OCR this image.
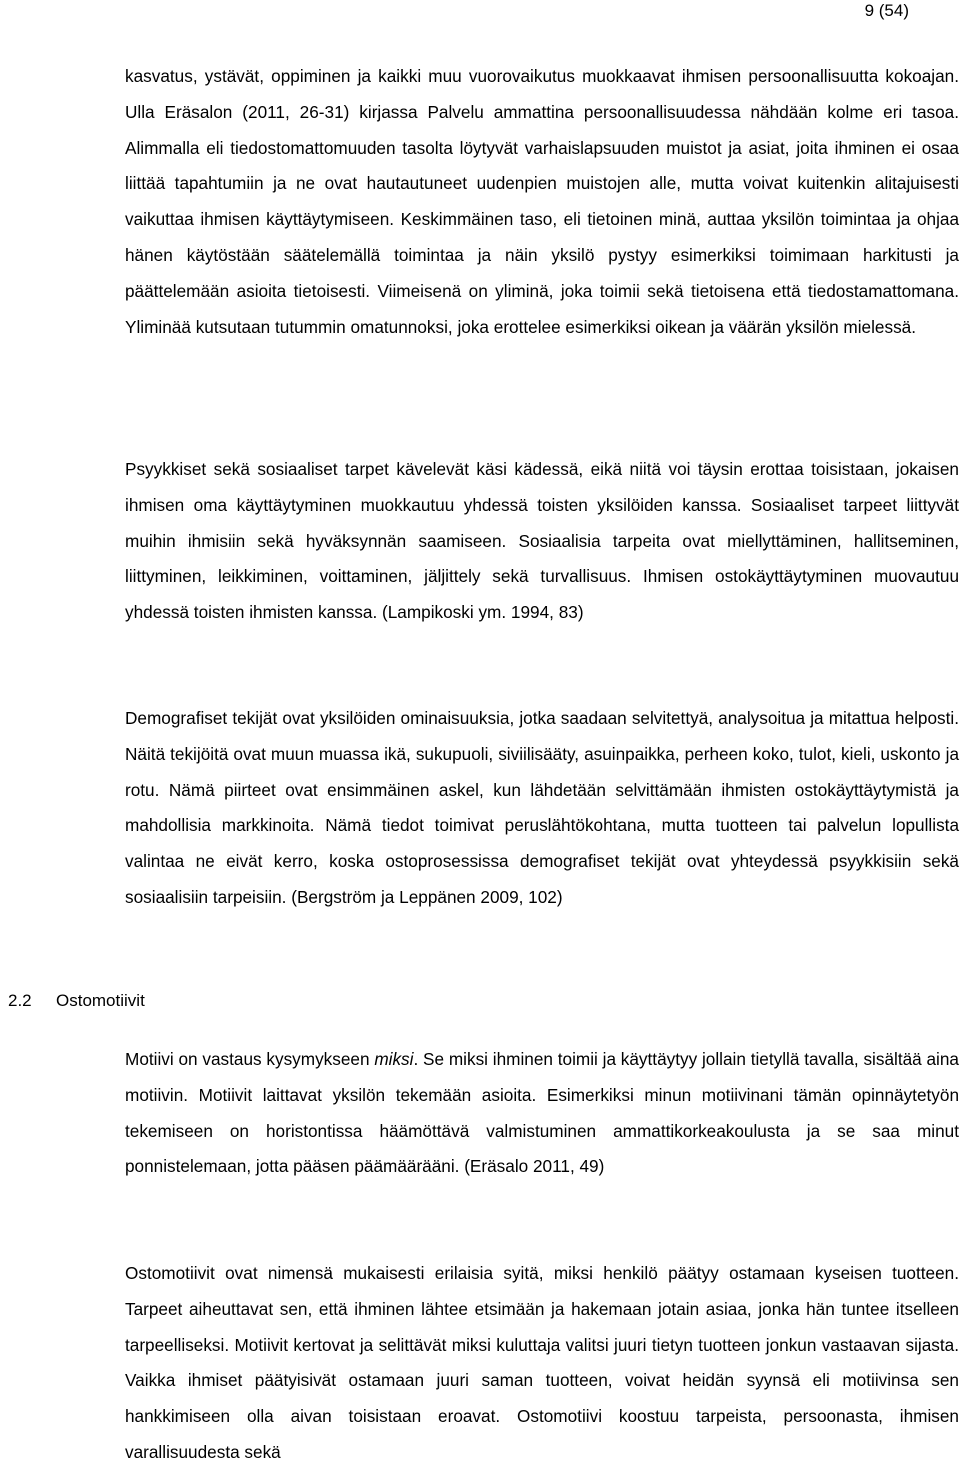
9 (54)

kasvatus, ystävät, oppiminen ja kaikki muu vuorovaikutus muokkaavat ihmisen persoonallisuutta kokoajan. Ulla Eräsalon (2011, 26-31) kirjassa Palvelu ammattina persoonallisuudessa nähdään kolme eri tasoa. Alimmalla eli tiedostomattomuuden tasolta löytyvät varhaislapsuuden muistot ja asiat, joita ihminen ei osaa liittää tapahtumiin ja ne ovat hautautuneet uudenpien muistojen alle, mutta voivat kuitenkin alitajuisesti vaikuttaa ihmisen käyttäytymiseen. Keskimmäinen taso, eli tietoinen minä, auttaa yksilön toimintaa ja ohjaa hänen käytöstään säätelemällä toimintaa ja näin yksilö pystyy esimerkiksi toimimaan harkitusti ja päättelemään asioita tietoisesti. Viimeisenä on yliminä, joka toimii sekä tietoisena että tiedostamattomana. Yliminää kutsutaan tutummin omatunnoksi, joka erottelee esimerkiksi oikean ja väärän yksilön mielessä.

Psyykkiset sekä sosiaaliset tarpet kävelevät käsi kädessä, eikä niitä voi täysin erottaa toisistaan, jokaisen ihmisen oma käyttäytyminen muokkautuu yhdessä toisten yksilöiden kanssa. Sosiaaliset tarpeet liittyvät muihin ihmisiin sekä hyväksynnän saamiseen. Sosiaalisia tarpeita ovat miellyttäminen, hallitseminen, liittyminen, leikkiminen, voittaminen, jäljittely sekä turvallisuus. Ihmisen ostokäyttäytyminen muovautuu yhdessä toisten ihmisten kanssa. (Lampikoski ym. 1994, 83)

Demografiset tekijät ovat yksilöiden ominaisuuksia, jotka saadaan selvitettyä, analysoitua ja mitattua helposti. Näitä tekijöitä ovat muun muassa ikä, sukupuoli, siviilisääty, asuinpaikka, perheen koko, tulot, kieli, uskonto ja rotu. Nämä piirteet ovat ensimmäinen askel, kun lähdetään selvittämään ihmisten ostokäyttäytymistä ja mahdollisia markkinoita. Nämä tiedot toimivat peruslähtökohtana, mutta tuotteen tai palvelun lopullista valintaa ne eivät kerro, koska ostoprosessissa demografiset tekijät ovat yhteydessä psyykkisiin sekä sosiaalisiin tarpeisiin. (Bergström ja Leppänen 2009, 102)

2.2 Ostomotiivit

Motiivi on vastaus kysymykseen miksi. Se miksi ihminen toimii ja käyttäytyy jollain tietyllä tavalla, sisältää aina motiivin. Motiivit laittavat yksilön tekemään asioita. Esimerkiksi minun motiivinani tämän opinnäytetyön tekemiseen on horistontissa häämöttävä valmistuminen ammattikorkeakoulusta ja se saa minut ponnistelemaan, jotta pääsen päämäärääni. (Eräsalo 2011, 49)

Ostomotiivit ovat nimensä mukaisesti erilaisia syitä, miksi henkilö päätyy ostamaan kyseisen tuotteen. Tarpeet aiheuttavat sen, että ihminen lähtee etsimään ja hakemaan jotain asiaa, jonka hän tuntee itselleen tarpeelliseksi. Motiivit kertovat ja selittävät miksi kuluttaja valitsi juuri tietyn tuotteen jonkun vastaavan sijasta. Vaikka ihmiset päätyisivät ostamaan juuri saman tuotteen, voivat heidän syynsä eli motiivinsa sen hankkimiseen olla aivan toisistaan eroavat. Ostomotiivi koostuu tarpeista, persoonasta, ihmisen varallisuudesta sekä
